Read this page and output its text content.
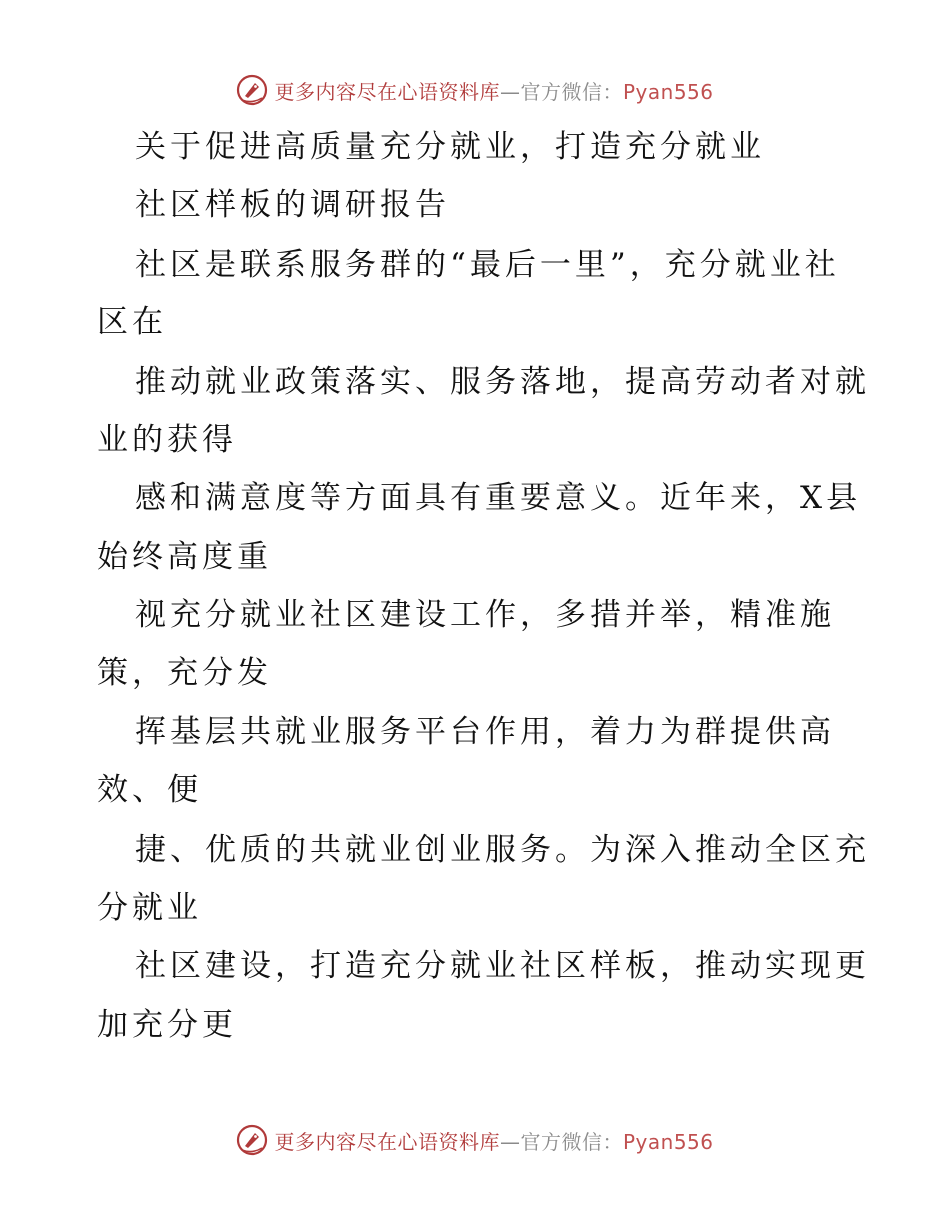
更多内容尽在心语资料库—官方微信：Pyan556
关于促进高质量充分就业，打造充分就业
社区样板的调研报告
社区是联系服务群的“最后一里”，充分就业社
区在
推动就业政策落实、服务落地，提高劳动者对就
业的获得
感和满意度等方面具有重要意义。近年来，X县
始终高度重
视充分就业社区建设工作，多措并举，精准施
策，充分发
挥基层共就业服务平台作用，着力为群提供高
效、便
捷、优质的共就业创业服务。为深入推动全区充
分就业
社区建设，打造充分就业社区样板，推动实现更
加充分更
更多内容尽在心语资料库—官方微信：Pyan556
